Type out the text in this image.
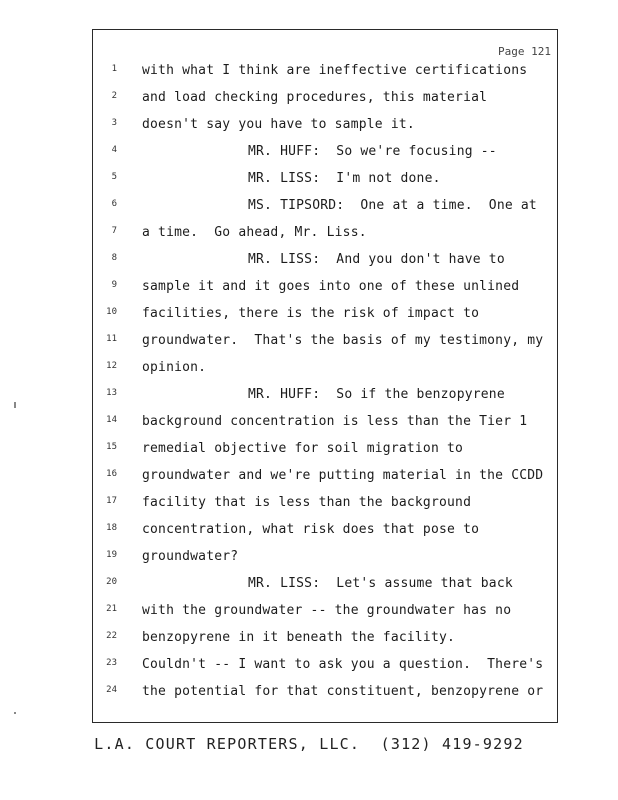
Page 121
1 with what I think are ineffective certifications
2 and load checking procedures, this material
3 doesn't say you have to sample it.
4	MR. HUFF:  So we're focusing --
5	MR. LISS:  I'm not done.
6	MS. TIPSORD:  One at a time.  One at
7 a time.  Go ahead, Mr. Liss.
8	MR. LISS:  And you don't have to
9 sample it and it goes into one of these unlined
10 facilities, there is the risk of impact to
11 groundwater.  That's the basis of my testimony, my
12 opinion.
13	MR. HUFF:  So if the benzopyrene
14 background concentration is less than the Tier 1
15 remedial objective for soil migration to
16 groundwater and we're putting material in the CCDD
17 facility that is less than the background
18 concentration, what risk does that pose to
19 groundwater?
20	MR. LISS:  Let's assume that back
21 with the groundwater -- the groundwater has no
22 benzopyrene in it beneath the facility.
23 Couldn't -- I want to ask you a question.  There's
24 the potential for that constituent, benzopyrene or
L.A. COURT REPORTERS, LLC.  (312) 419-9292
